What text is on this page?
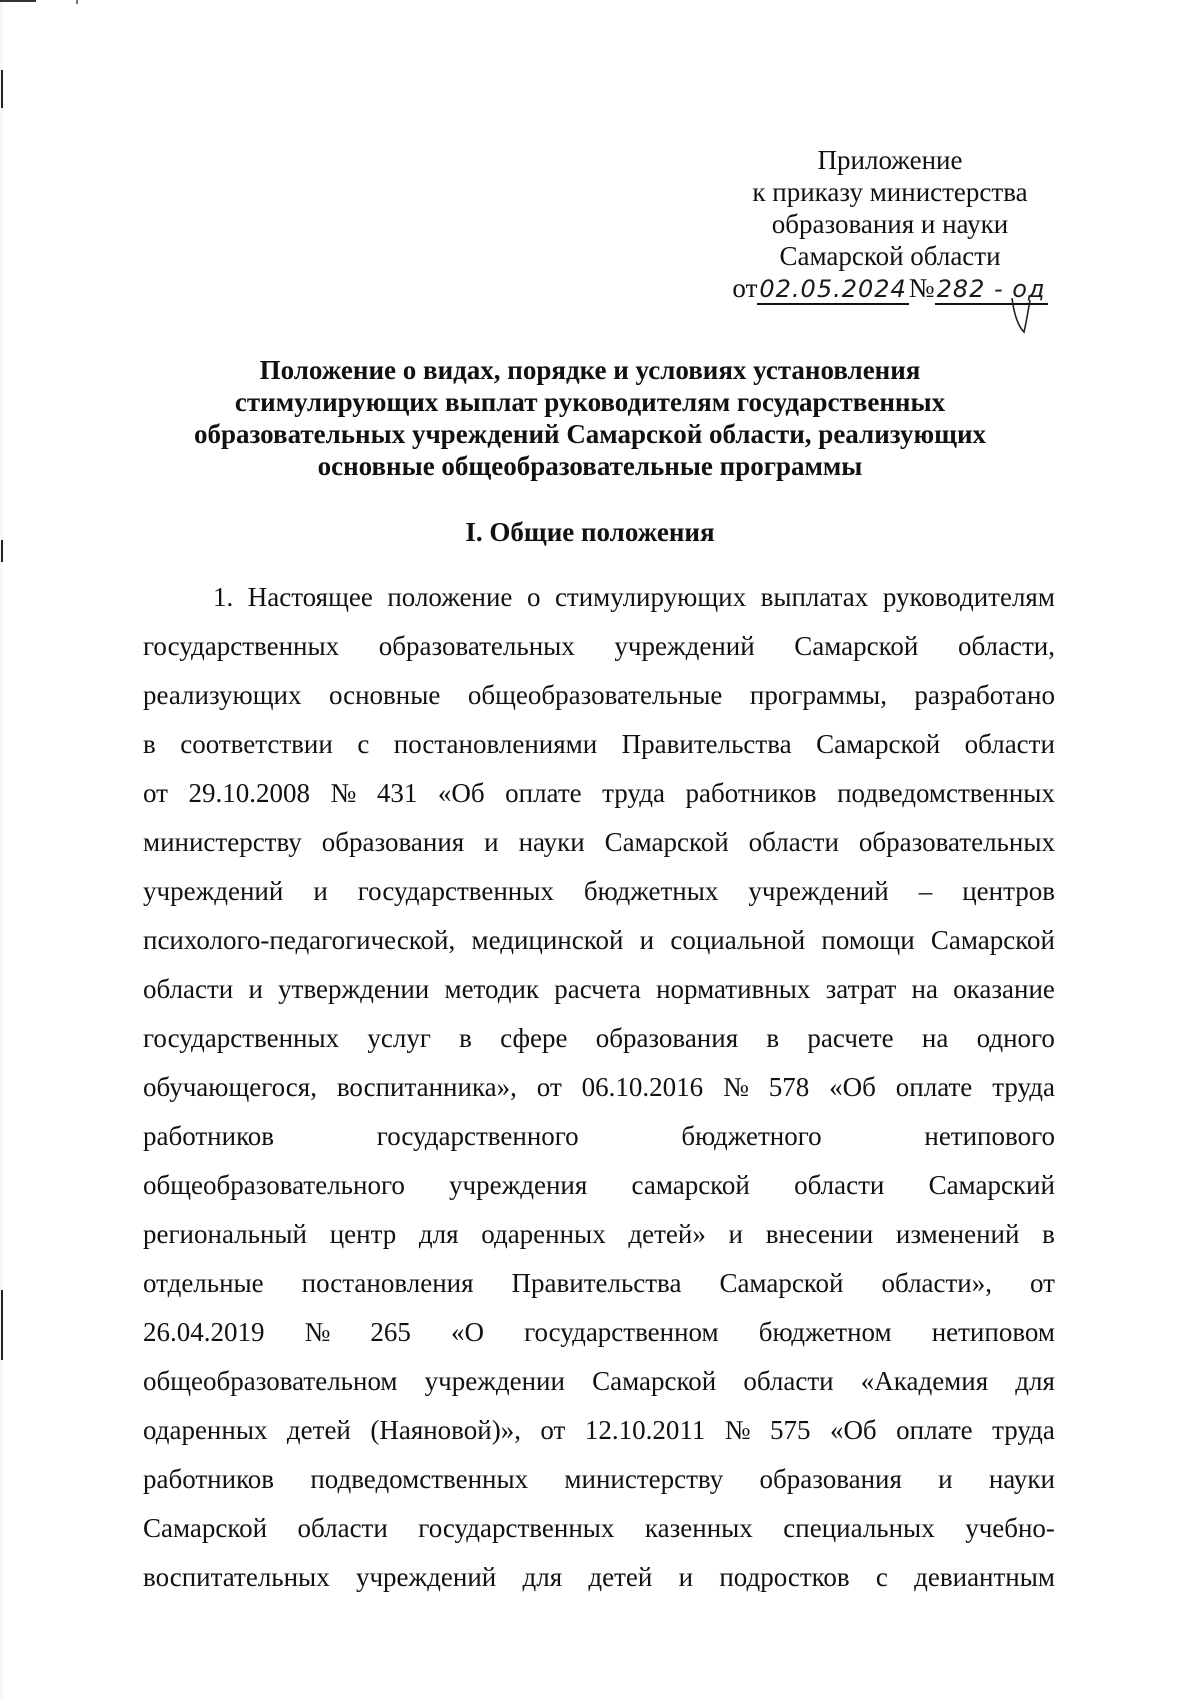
Приложение
к приказу министерства
образования и науки
Самарской области
от02.05.2024№282 - од
Положение о видах, порядке и условиях установления
стимулирующих выплат руководителям государственных
образовательных учреждений Самарской области, реализующих
основные общеобразовательные программы
I. Общие положения
1. Настоящее положение о стимулирующих выплатах руководителям
государственных образовательных учреждений Самарской области,
реализующих основные общеобразовательные программы, разработано
в соответствии с постановлениями Правительства Самарской области
от 29.10.2008 № 431 «Об оплате труда работников подведомственных
министерству образования и науки Самарской области образовательных
учреждений и государственных бюджетных учреждений – центров
психолого-педагогической, медицинской и социальной помощи Самарской
области и утверждении методик расчета нормативных затрат на оказание
государственных услуг в сфере образования в расчете на одного
обучающегося, воспитанника», от 06.10.2016 № 578 «Об оплате труда
работников	государственного	бюджетного	нетипового
общеобразовательного учреждения самарской области Самарский
региональный центр для одаренных детей» и внесении изменений в
отдельные постановления Правительства Самарской области», от
26.04.2019 № 265 «О государственном бюджетном нетиповом
общеобразовательном учреждении Самарской области «Академия для
одаренных детей (Наяновой)», от 12.10.2011 № 575 «Об оплате труда
работников подведомственных министерству образования и науки
Самарской области государственных казенных специальных учебно-
воспитательных учреждений для детей и подростков с девиантным
